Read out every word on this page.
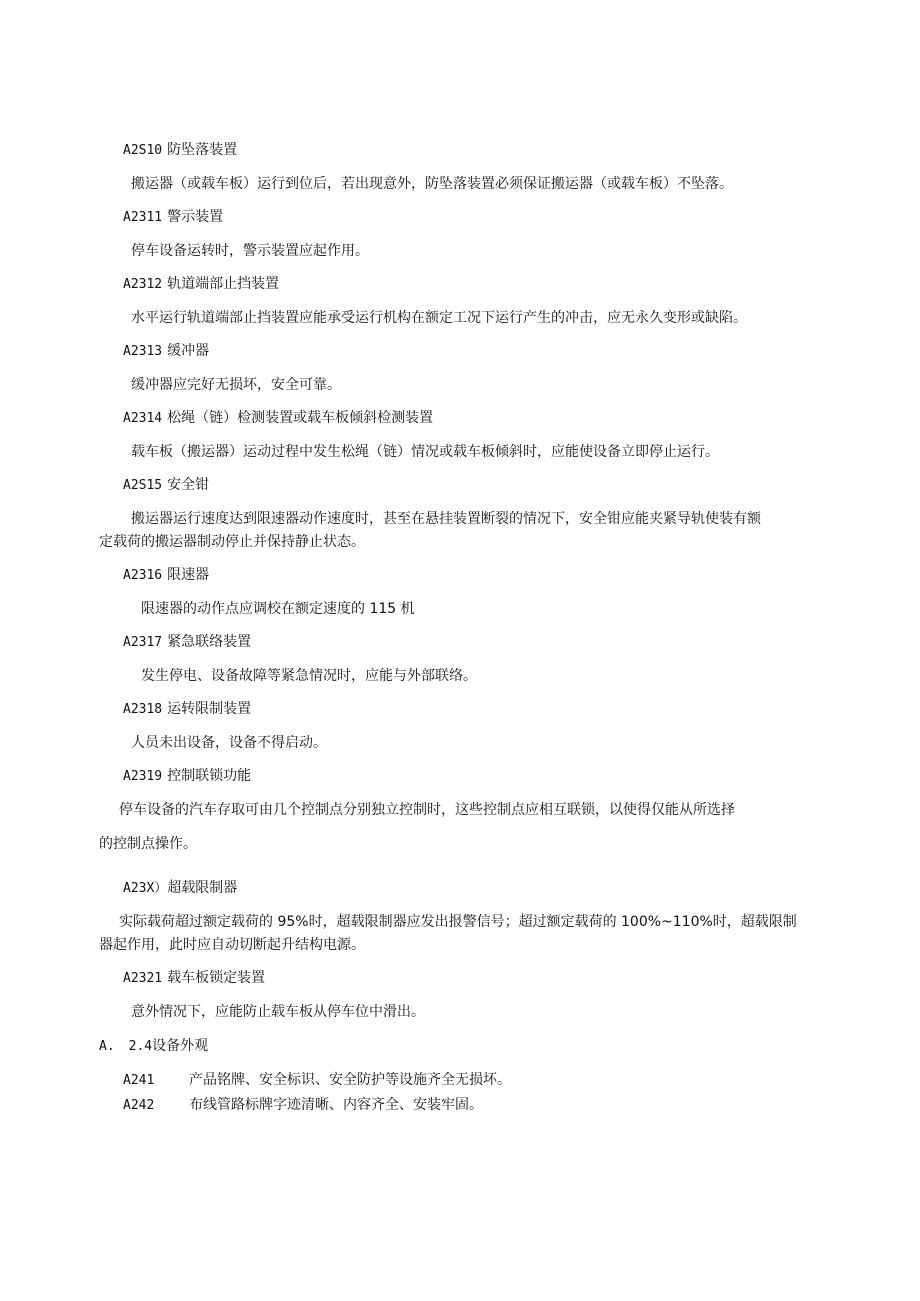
A2S10 防坠落装置
搬运器（或载车板）运行到位后，若出现意外，防坠落装置必须保证搬运器（或载车板）不坠落。
A2311 警示装置
停车设备运转时，警示装置应起作用。
A2312 轨道端部止挡装置
水平运行轨道端部止挡装置应能承受运行机构在额定工况下运行产生的冲击，应无永久变形或缺陷。
A2313 缓冲器
缓冲器应完好无损坏，安全可靠。
A2314 松绳（链）检测装置或载车板倾斜检测装置
载车板（搬运器）运动过程中发生松绳（链）情况或载车板倾斜时，应能使设备立即停止运行。
A2S15 安全钳
搬运器运行速度达到限速器动作速度时，甚至在悬挂装置断裂的情况下，安全钳应能夹紧导轨使装有额
定载荷的搬运器制动停止并保持静止状态。
A2316 限速器
限速器的动作点应调校在额定速度的 115 机
A2317 紧急联络装置
发生停电、设备故障等紧急情况时，应能与外部联络。
A2318 运转限制装置
人员未出设备，设备不得启动。
A2319 控制联锁功能
停车设备的汽车存取可由几个控制点分别独立控制时，这些控制点应相互联锁，以使得仅能从所选择
的控制点操作。
A23X）超载限制器
实际载荷超过额定载荷的 95%时，超载限制器应发出报警信号；超过额定载荷的 100%~110%时，超载限制
器起作用，此时应自动切断起升结构电源。
A2321 载车板锁定装置
意外情况下，应能防止载车板从停车位中滑出。
A. 2.4设备外观
A241 产品铭牌、安全标识、安全防护等设施齐全无损坏。
A242 布线管路标牌字迹清晰、内容齐全、安装牢固。
